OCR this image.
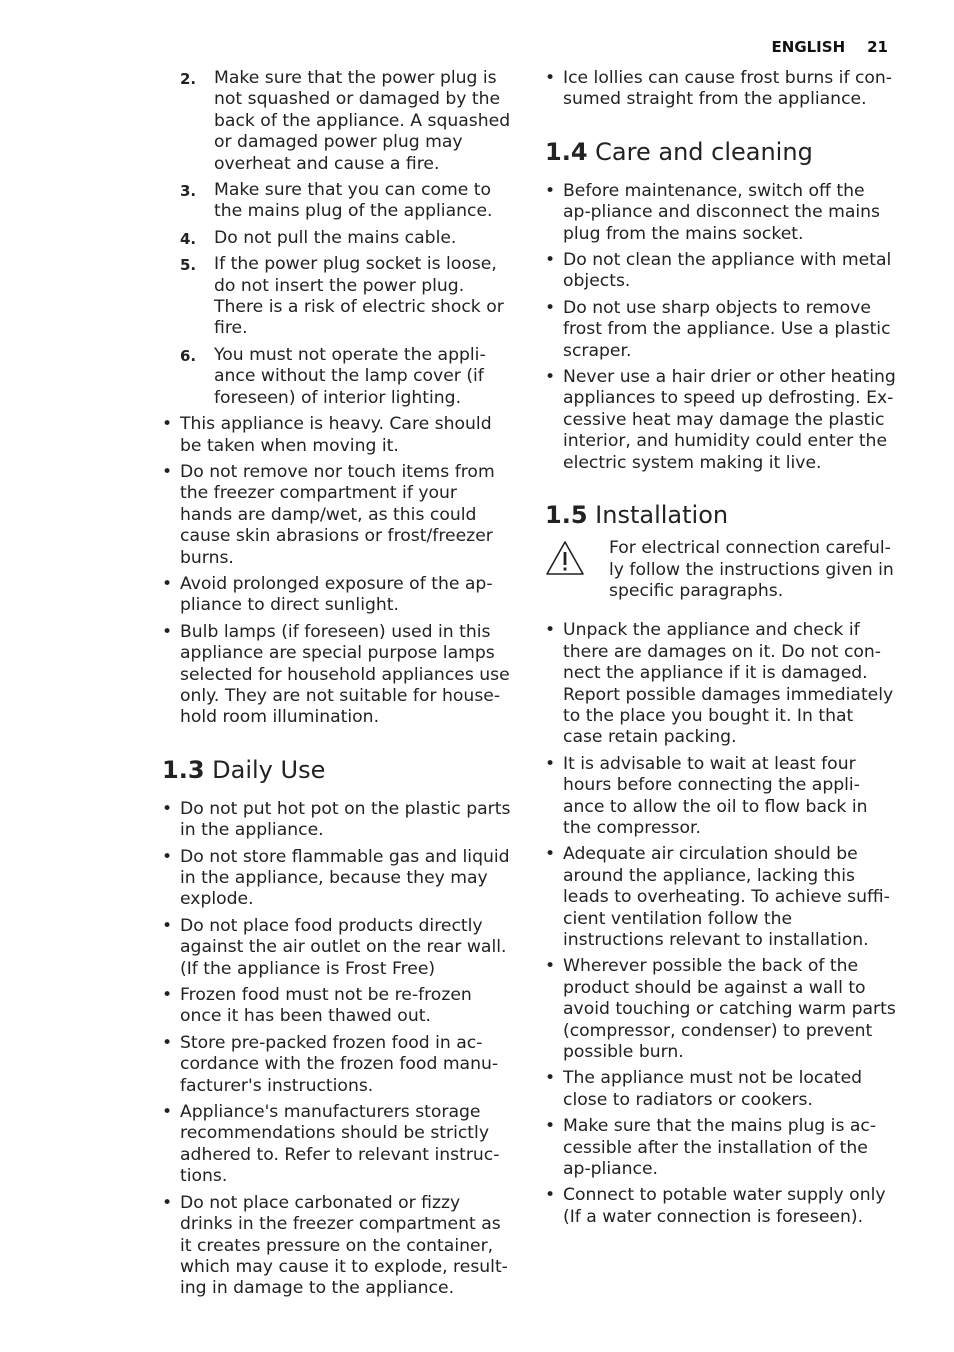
ENGLISH 21
2. Make sure that the power plug is not squashed or damaged by the back of the appliance. A squashed or damaged power plug may overheat and cause a fire.
3. Make sure that you can come to the mains plug of the appliance.
4. Do not pull the mains cable.
5. If the power plug socket is loose, do not insert the power plug. There is a risk of electric shock or fire.
6. You must not operate the appli-ance without the lamp cover (if foreseen) of interior lighting.
• This appliance is heavy. Care should be taken when moving it.
• Do not remove nor touch items from the freezer compartment if your hands are damp/wet, as this could cause skin abrasions or frost/freezer burns.
• Avoid prolonged exposure of the ap-pliance to direct sunlight.
• Bulb lamps (if foreseen) used in this appliance are special purpose lamps selected for household appliances use only. They are not suitable for house-hold room illumination.
1.3 Daily Use
• Do not put hot pot on the plastic parts in the appliance.
• Do not store flammable gas and liquid in the appliance, because they may explode.
• Do not place food products directly against the air outlet on the rear wall. (If the appliance is Frost Free)
• Frozen food must not be re-frozen once it has been thawed out.
• Store pre-packed frozen food in ac-cordance with the frozen food manu-facturer's instructions.
• Appliance's manufacturers storage recommendations should be strictly adhered to. Refer to relevant instruc-tions.
• Do not place carbonated or fizzy drinks in the freezer compartment as it creates pressure on the container, which may cause it to explode, result-ing in damage to the appliance.
• Ice lollies can cause frost burns if con-sumed straight from the appliance.
1.4 Care and cleaning
• Before maintenance, switch off the ap-pliance and disconnect the mains plug from the mains socket.
• Do not clean the appliance with metal objects.
• Do not use sharp objects to remove frost from the appliance. Use a plastic scraper.
• Never use a hair drier or other heating appliances to speed up defrosting. Ex-cessive heat may damage the plastic interior, and humidity could enter the electric system making it live.
1.5 Installation
For electrical connection careful-ly follow the instructions given in specific paragraphs.
• Unpack the appliance and check if there are damages on it. Do not con-nect the appliance if it is damaged. Report possible damages immediately to the place you bought it. In that case retain packing.
• It is advisable to wait at least four hours before connecting the appli-ance to allow the oil to flow back in the compressor.
• Adequate air circulation should be around the appliance, lacking this leads to overheating. To achieve suffi-cient ventilation follow the instructions relevant to installation.
• Wherever possible the back of the product should be against a wall to avoid touching or catching warm parts (compressor, condenser) to prevent possible burn.
• The appliance must not be located close to radiators or cookers.
• Make sure that the mains plug is ac-cessible after the installation of the ap-pliance.
• Connect to potable water supply only (If a water connection is foreseen).
